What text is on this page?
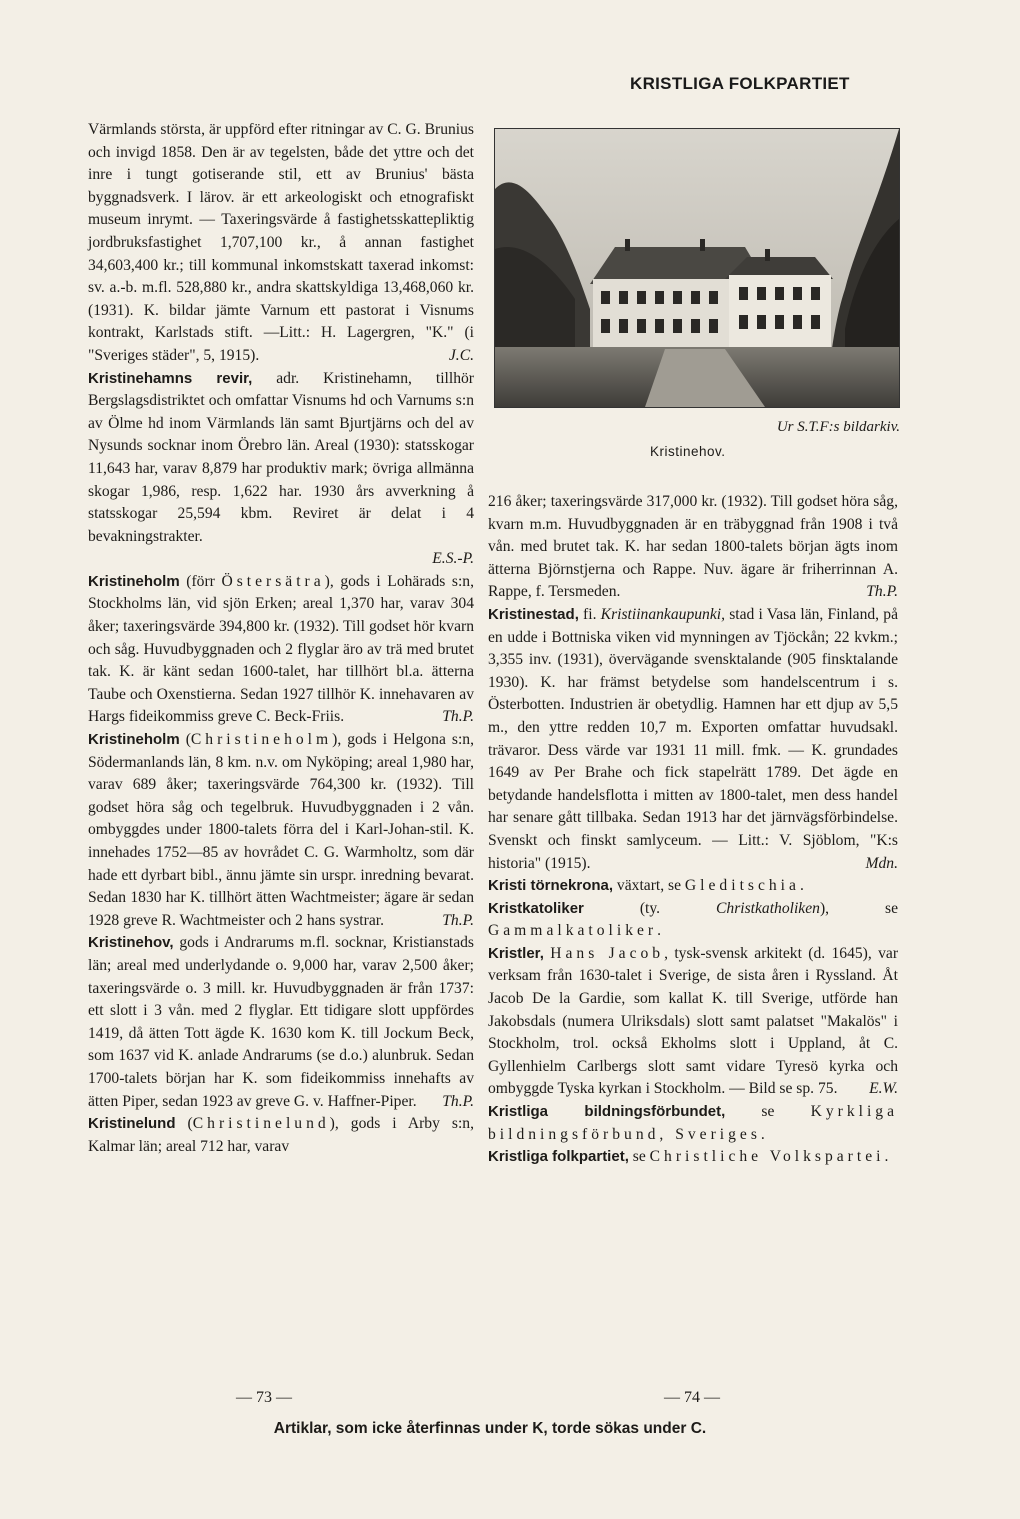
KRISTLIGA FOLKPARTIET

Värmlands största, är uppförd efter ritningar av C. G. Brunius och invigd 1858. Den är av tegelsten, både det yttre och det inre i tungt gotiserande stil, ett av Brunius' bästa byggnadsverk. I lärov. är ett arkeologiskt och etnografiskt museum inrymt. — Taxeringsvärde å fastighetsskattepliktig jordbruksfastighet 1,707,100 kr., å annan fastighet 34,603,400 kr.; till kommunal inkomstskatt taxerad inkomst: sv. a.-b. m.fl. 528,880 kr., andra skattskyldiga 13,468,060 kr. (1931). K. bildar jämte Varnum ett pastorat i Visnums kontrakt, Karlstads stift. —Litt.: H. Lagergren, "K." (i "Sveriges städer", 5, 1915).	J.C.

Kristinehamns revir, adr. Kristinehamn, tillhör Bergslagsdistriktet och omfattar Visnums hd och Varnums s:n av Ölme hd inom Värmlands län samt Bjurtjärns och del av Nysunds socknar inom Örebro län. Areal (1930): statsskogar 11,643 har, varav 8,879 har produktiv mark; övriga allmänna skogar 1,986, resp. 1,622 har. 1930 års avverkning å statsskogar 25,594 kbm. Reviret är delat i 4 bevakningstrakter.

E.S.-P.

Kristineholm (förr Östersätra), gods i Lohärads s:n, Stockholms län, vid sjön Erken; areal 1,370 har, varav 304 åker; taxeringsvärde 394,800 kr. (1932). Till godset hör kvarn och såg. Huvudbyggnaden och 2 flyglar äro av trä med brutet tak. K. är känt sedan 1600-talet, har tillhört bl.a. ätterna Taube och Oxenstierna. Sedan 1927 tillhör K. innehavaren av Hargs fideikommiss greve C. Beck-Friis.	Th.P.

Kristineholm (Christineholm), gods i Helgona s:n, Södermanlands län, 8 km. n.v. om Nyköping; areal 1,980 har, varav 689 åker; taxeringsvärde 764,300 kr. (1932). Till godset höra såg och tegelbruk. Huvudbyggnaden i 2 vån. ombyggdes under 1800-talets förra del i Karl-Johan-stil. K. innehades 1752—85 av hovrådet C. G. Warmholtz, som där hade ett dyrbart bibl., ännu jämte sin urspr. inredning bevarat. Sedan 1830 har K. tillhört ätten Wachtmeister; ägare är sedan 1928 greve R. Wachtmeister och 2 hans systrar.	Th.P.

Kristinehov, gods i Andrarums m.fl. socknar, Kristianstads län; areal med underlydande o. 9,000 har, varav 2,500 åker; taxeringsvärde o. 3 mill. kr. Huvudbyggnaden är från 1737: ett slott i 3 vån. med 2 flyglar. Ett tidigare slott uppfördes 1419, då ätten Tott ägde K. 1630 kom K. till Jockum Beck, som 1637 vid K. anlade Andrarums (se d.o.) alunbruk. Sedan 1700-talets början har K. som fideikommiss innehafts av ätten Piper, sedan 1923 av greve G. v. Haffner-Piper. Th.P.

Kristinelund (Christinelund), gods i Arby s:n, Kalmar län; areal 712 har, varav

Ur S.T.F:s bildarkiv.
Kristinehov.

216 åker; taxeringsvärde 317,000 kr. (1932). Till godset höra såg, kvarn m.m. Huvudbyggnaden är en träbyggnad från 1908 i två vån. med brutet tak. K. har sedan 1800-talets början ägts inom ätterna Björnstjerna och Rappe. Nuv. ägare är friherrinnan A. Rappe, f. Tersmeden.	Th.P.

Kristinestad, fi. Kristiinankaupunki, stad i Vasa län, Finland, på en udde i Bottniska viken vid mynningen av Tjöckån; 22 kvkm.; 3,355 inv. (1931), övervägande svensktalande (905 finsktalande 1930). K. har främst betydelse som handelscentrum i s. Österbotten. Industrien är obetydlig. Hamnen har ett djup av 5,5 m., den yttre redden 10,7 m. Exporten omfattar huvudsakl. trävaror. Dess värde var 1931 11 mill. fmk. — K. grundades 1649 av Per Brahe och fick stapelrätt 1789. Det ägde en betydande handelsflotta i mitten av 1800-talet, men dess handel har senare gått tillbaka. Sedan 1913 har det järnvägsförbindelse. Svenskt och finskt samlyceum. — Litt.: V. Sjöblom, "K:s historia" (1915).	Mdn.

Kristi törnekrona, växtart, se Gleditschia.

Kristkatoliker (ty. Christkatholiken), se Gammalkatoliker.

Kristler, Hans Jacob, tysk-svensk arkitekt (d. 1645), var verksam från 1630-talet i Sverige, de sista åren i Ryssland. Åt Jacob De la Gardie, som kallat K. till Sverige, utförde han Jakobsdals (numera Ulriksdals) slott samt palatset "Makalös" i Stockholm, trol. också Ekholms slott i Uppland, åt C. Gyllenhielm Carlbergs slott samt vidare Tyresö kyrka och ombyggde Tyska kyrkan i Stockholm. — Bild se sp. 75. E.W.

Kristliga bildningsförbundet, se Kyrkliga bildningsförbund, Sveriges.

Kristliga folkpartiet, se Christliche Volkspartei.

— 73 —	— 74 —
Artiklar, som icke återfinnas under K, torde sökas under C.
